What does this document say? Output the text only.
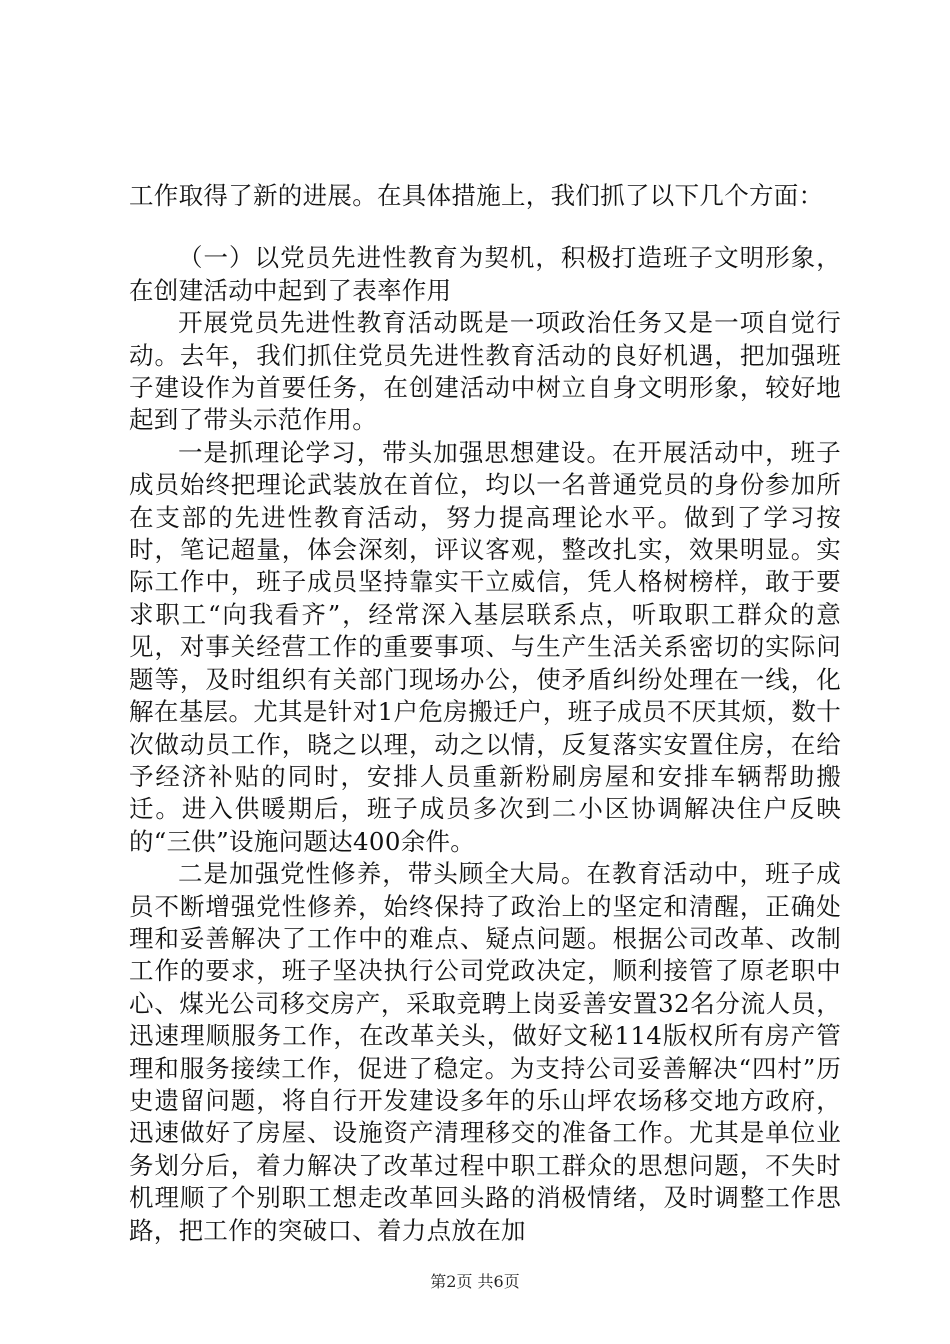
工作取得了新的进展。在具体措施上，我们抓了以下几个方面：

（一）以党员先进性教育为契机，积极打造班子文明形象，在创建活动中起到了表率作用

开展党员先进性教育活动既是一项政治任务又是一项自觉行动。去年，我们抓住党员先进性教育活动的良好机遇，把加强班子建设作为首要任务，在创建活动中树立自身文明形象，较好地起到了带头示范作用。

一是抓理论学习，带头加强思想建设。在开展活动中，班子成员始终把理论武装放在首位，均以一名普通党员的身份参加所在支部的先进性教育活动，努力提高理论水平。做到了学习按时，笔记超量，体会深刻，评议客观，整改扎实，效果明显。实际工作中，班子成员坚持靠实干立威信，凭人格树榜样，敢于要求职工“向我看齐”，经常深入基层联系点，听取职工群众的意见，对事关经营工作的重要事项、与生产生活关系密切的实际问题等，及时组织有关部门现场办公，使矛盾纠纷处理在一线，化解在基层。尤其是针对1户危房搬迁户，班子成员不厌其烦，数十次做动员工作，晓之以理，动之以情，反复落实安置住房，在给予经济补贴的同时，安排人员重新粉刷房屋和安排车辆帮助搬迁。进入供暖期后，班子成员多次到二小区协调解决住户反映的“三供”设施问题达400余件。

二是加强党性修养，带头顾全大局。在教育活动中，班子成员不断增强党性修养，始终保持了政治上的坚定和清醒，正确处理和妥善解决了工作中的难点、疑点问题。根据公司改革、改制工作的要求，班子坚决执行公司党政决定，顺利接管了原老职中心、煤光公司移交房产，采取竞聘上岗妥善安置32名分流人员，迅速理顺服务工作，在改革关头，做好文秘114版权所有房产管理和服务接续工作，促进了稳定。为支持公司妥善解决“四村”历史遗留问题，将自行开发建设多年的乐山坪农场移交地方政府，迅速做好了房屋、设施资产清理移交的准备工作。尤其是单位业务划分后，着力解决了改革过程中职工群众的思想问题，不失时机理顺了个别职工想走改革回头路的消极情绪，及时调整工作思路，把工作的突破口、着力点放在加

第2页 共6页
